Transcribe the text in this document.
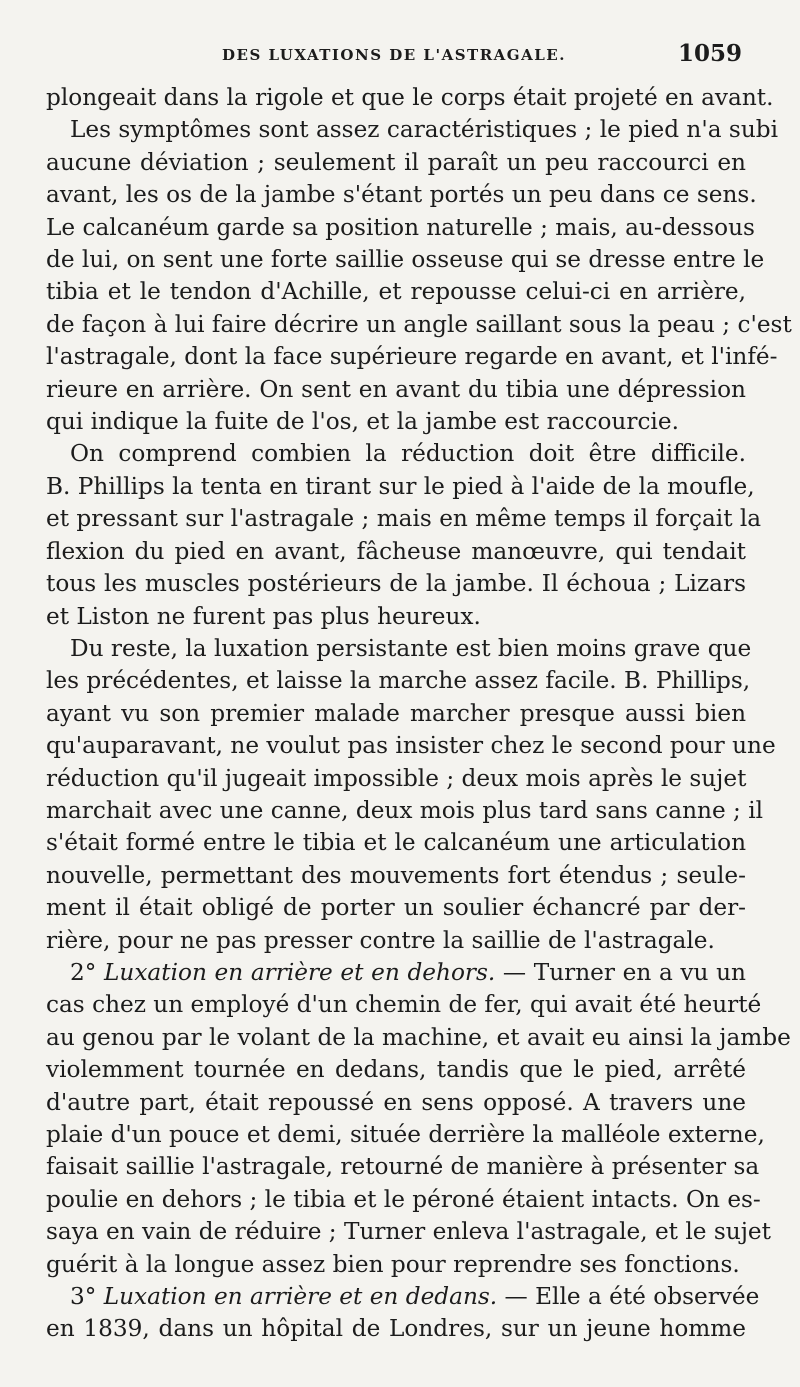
DES LUXATIONS DE L'ASTRAGALE.	1059
plongeait dans la rigole et que le corps était projeté en avant.
Les symptômes sont assez caractéristiques ; le pied n'a subi
aucune déviation ; seulement il paraît un peu raccourci en
avant, les os de la jambe s'étant portés un peu dans ce sens.
Le calcanéum garde sa position naturelle ; mais, au-dessous
de lui, on sent une forte saillie osseuse qui se dresse entre le
tibia et le tendon d'Achille, et repousse celui-ci en arrière,
de façon à lui faire décrire un angle saillant sous la peau ; c'est
l'astragale, dont la face supérieure regarde en avant, et l'infé-
rieure en arrière. On sent en avant du tibia une dépression
qui indique la fuite de l'os, et la jambe est raccourcie.
On comprend combien la réduction doit être difficile.
B. Phillips la tenta en tirant sur le pied à l'aide de la moufle,
et pressant sur l'astragale ; mais en même temps il forçait la
flexion du pied en avant, fâcheuse manœuvre, qui tendait
tous les muscles postérieurs de la jambe. Il échoua ; Lizars
et Liston ne furent pas plus heureux.
Du reste, la luxation persistante est bien moins grave que
les précédentes, et laisse la marche assez facile. B. Phillips,
ayant vu son premier malade marcher presque aussi bien
qu'auparavant, ne voulut pas insister chez le second pour une
réduction qu'il jugeait impossible ; deux mois après le sujet
marchait avec une canne, deux mois plus tard sans canne ; il
s'était formé entre le tibia et le calcanéum une articulation
nouvelle, permettant des mouvements fort étendus ; seule-
ment il était obligé de porter un soulier échancré par der-
rière, pour ne pas presser contre la saillie de l'astragale.
2° Luxation en arrière et en dehors. — Turner en a vu un
cas chez un employé d'un chemin de fer, qui avait été heurté
au genou par le volant de la machine, et avait eu ainsi la jambe
violemment tournée en dedans, tandis que le pied, arrêté
d'autre part, était repoussé en sens opposé. A travers une
plaie d'un pouce et demi, située derrière la malléole externe,
faisait saillie l'astragale, retourné de manière à présenter sa
poulie en dehors ; le tibia et le péroné étaient intacts. On es-
saya en vain de réduire ; Turner enleva l'astragale, et le sujet
guérit à la longue assez bien pour reprendre ses fonctions.
3° Luxation en arrière et en dedans. — Elle a été observée
en 1839, dans un hôpital de Londres, sur un jeune homme
